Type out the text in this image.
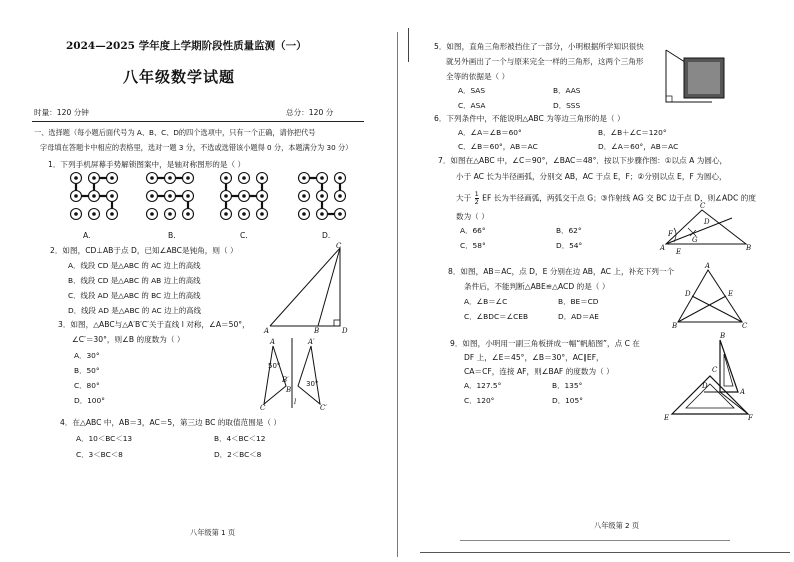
2024—2025 学年度上学期阶段性质量监测（一）
八年级数学试题
时量：120 分钟	总分：120 分
一、选择题（每小题后面代号为 A、B、C、D的四个选项中，只有一个正确，请你把代号
字母填在答题卡中相应的表格里，选对一题 3 分，不选或选错该小题得 0 分，本题满分为 30 分）
1．下列手机屏幕手势解锁图案中，是轴对称图形的是（ ）
A.	B.	C.	D.
2．如图，CD⊥AB于点 D，已知∠ABC是钝角，则（ ）
A．线段 CD 是△ABC 的 AC 边上的高线
B．线段 CD 是△ABC 的 AB 边上的高线
C．线段 AD 是△ABC 的 BC 边上的高线
D．线段 AD 是△ABC 的 AC 边上的高线
C
A	B	D
3．如图，△ABC与△A′B′C′关于直线 l 对称，∠A＝50°，
∠C′＝30°，则∠B 的度数为（ ）
A．30°
B．50°
C．80°
D．100°
A	A′
B
B′
C	C′
l
50°
30°
4．在△ABC 中，AB＝3，AC＝5，第三边 BC 的取值范围是（ ）
A．10＜BC＜13	B．4＜BC＜12
C．3＜BC＜8	D．2＜BC＜8
八年级第 1 页
5．如图，直角三角形被挡住了一部分，小明根据所学知识很快
就另外画出了一个与原来完全一样的三角形，这两个三角形
全等的依据是（ ）
A．SAS	B．AAS
C．ASA	D．SSS
6．下列条件中，不能说明△ABC 为等边三角形的是（ ）
A．∠A＝∠B＝60°	B．∠B＋∠C＝120°
C．∠B＝60°，AB＝AC	D．∠A＝60°，AB＝AC
7．如图在△ABC 中，∠C＝90°，∠BAC＝48°．按以下步骤作图：①以点 A 为圆心，
小于 AC 长为半径画弧，分别交 AB，AC 于点 E，F；②分别以点 E，F 为圆心，
大于 $\frac{1}{2}$ EF 长为半径画弧，两弧交于点 G；③作射线 AG 交 BC 边于点 D，则∠ADC 的度
数为（ ）
A．66°	B．62°
C．58°	D．54°
C
A	B
D
E
F
G
8．如图，AB＝AC，点 D，E 分别在边 AB，AC 上，补充下列一个
条件后，不能判断△ABE≌△ACD 的是（ ）
A．∠B＝∠C	B．BE＝CD
C．∠BDC＝∠CEB	D．AD＝AE
A
B	C
D	E
9．如图，小明用一副三角板拼成一幅“帆船图”，点 C 在
DF 上，∠E＝45°，∠B＝30°，AC∥EF，
CA＝CF，连接 AF，则∠BAF 的度数为（ ）
A．127.5°	B．135°
C．120°	D．105°
B
C
D
A
E	F
八年级第 2 页
